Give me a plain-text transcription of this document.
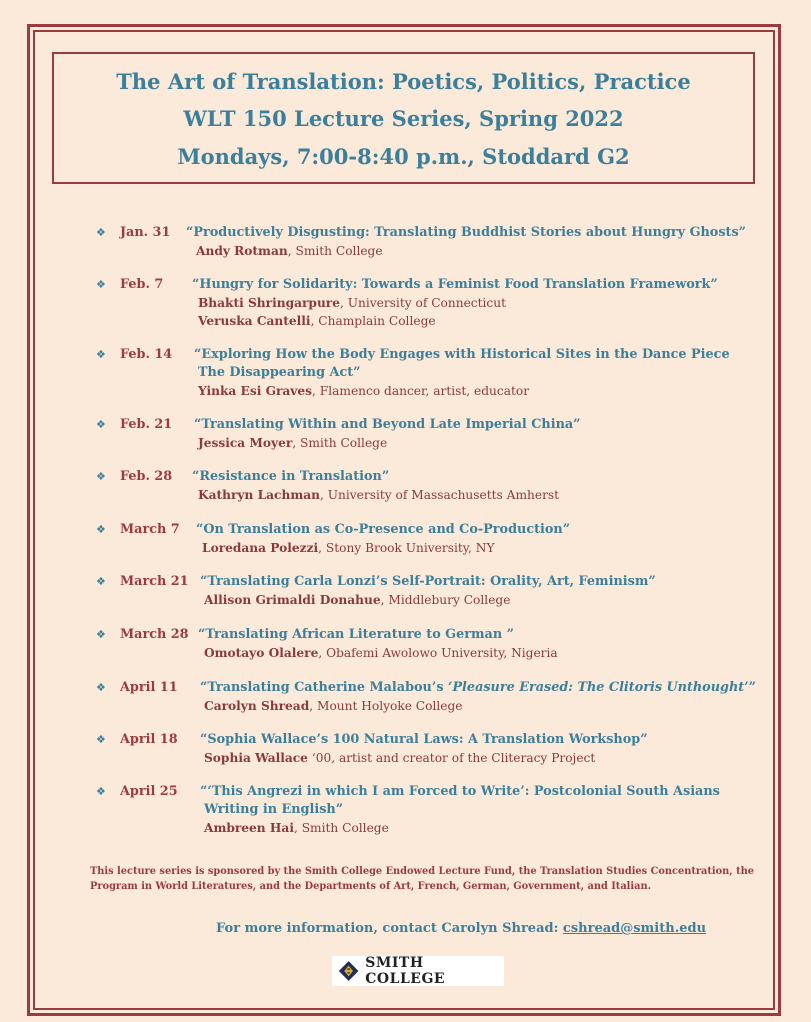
The Art of Translation: Poetics, Politics, Practice
WLT 150 Lecture Series, Spring 2022
Mondays, 7:00-8:40 p.m., Stoddard G2
❖ Jan. 31 “Productively Disgusting: Translating Buddhist Stories about Hungry Ghosts”
Andy Rotman, Smith College
❖ Feb. 7 “Hungry for Solidarity: Towards a Feminist Food Translation Framework”
Bhakti Shringarpure, University of Connecticut
Veruska Cantelli, Champlain College
❖ Feb. 14 “Exploring How the Body Engages with Historical Sites in the Dance Piece
The Disappearing Act”
Yinka Esi Graves, Flamenco dancer, artist, educator
❖ Feb. 21 “Translating Within and Beyond Late Imperial China”
Jessica Moyer, Smith College
❖ Feb. 28 “Resistance in Translation”
Kathryn Lachman, University of Massachusetts Amherst
❖ March 7 “On Translation as Co-Presence and Co-Production”
Loredana Polezzi, Stony Brook University, NY
❖ March 21 “Translating Carla Lonzi’s Self-Portrait: Orality, Art, Feminism”
Allison Grimaldi Donahue, Middlebury College
❖ March 28 “Translating African Literature to German ”
Omotayo Olalere, Obafemi Awolowo University, Nigeria
❖ April 11 “Translating Catherine Malabou’s ‘Pleasure Erased: The Clitoris Unthought’”
Carolyn Shread, Mount Holyoke College
❖ April 18 “Sophia Wallace’s 100 Natural Laws: A Translation Workshop”
Sophia Wallace ‘00, artist and creator of the Cliteracy Project
❖ April 25 “‘This Angrezi in which I am Forced to Write’: Postcolonial South Asians
Writing in English”
Ambreen Hai, Smith College
This lecture series is sponsored by the Smith College Endowed Lecture Fund, the Translation Studies Concentration, the Program in World Literatures, and the Departments of Art, French, German, Government, and Italian.
For more information, contact Carolyn Shread: cshread@smith.edu
SMITH COLLEGE
